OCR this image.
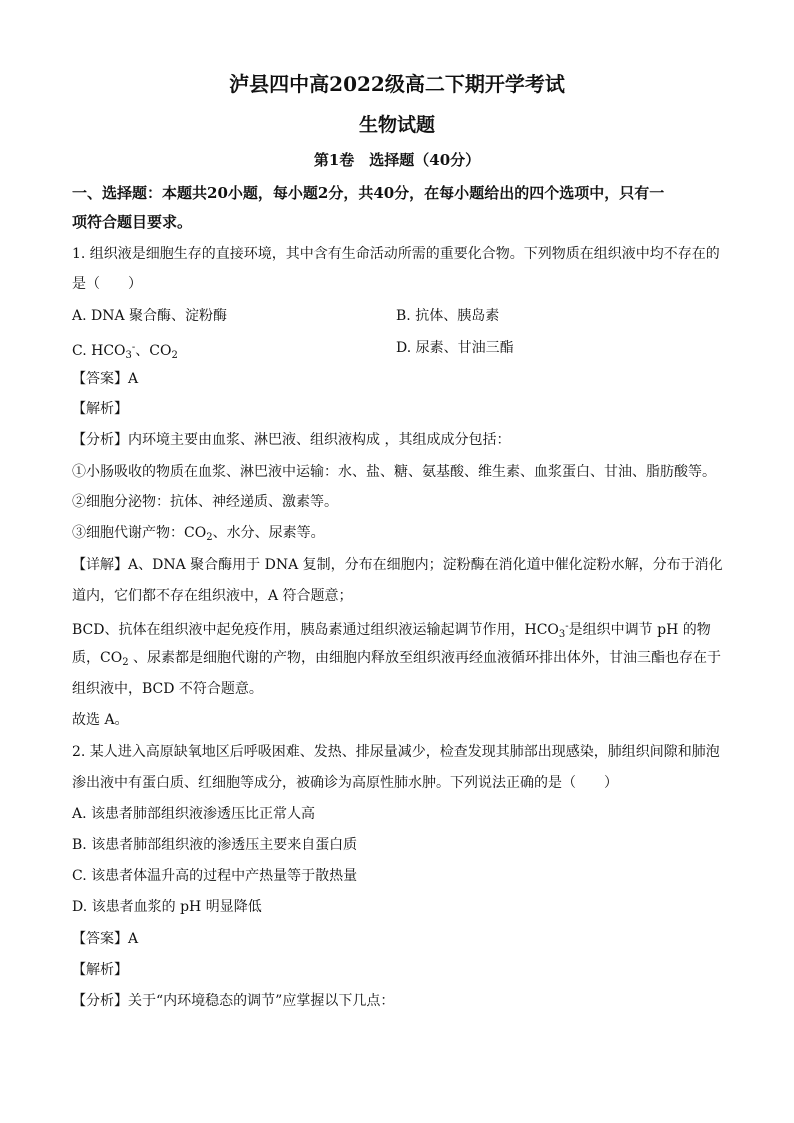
泸县四中高2022级高二下期开学考试
生物试题
第1卷　选择题（40分）
一、选择题：本题共20小题，每小题2分，共40分，在每小题给出的四个选项中，只有一
项符合题目要求。
1. 组织液是细胞生存的直接环境，其中含有生命活动所需的重要化合物。下列物质在组织液中均不存在的
是（　　）
A. DNA 聚合酶、淀粉酶	B. 抗体、胰岛素
C. $HCO_3^-$、$CO_2$	D. 尿素、甘油三酯
【答案】A
【解析】
【分析】内环境主要由血浆、淋巴液、组织液构成 ，其组成成分包括：
①小肠吸收的物质在血浆、淋巴液中运输：水、盐、糖、氨基酸、维生素、血浆蛋白、甘油、脂肪酸等。
②细胞分泌物：抗体、神经递质、激素等。
③细胞代谢产物：$CO_2$、水分、尿素等。
【详解】A、DNA 聚合酶用于 DNA 复制，分布在细胞内；淀粉酶在消化道中催化淀粉水解，分布于消化
道内，它们都不存在组织液中，A 符合题意；
BCD、抗体在组织液中起免疫作用，胰岛素通过组织液运输起调节作用，$HCO_3^-$是组织中调节 pH 的物
质，$CO_2$ 、尿素都是细胞代谢的产物，由细胞内释放至组织液再经血液循环排出体外，甘油三酯也存在于
组织液中，BCD 不符合题意。
故选 A。
2. 某人进入高原缺氧地区后呼吸困难、发热、排尿量减少，检查发现其肺部出现感染，肺组织间隙和肺泡
渗出液中有蛋白质、红细胞等成分，被确诊为高原性肺水肿。下列说法正确的是（　　）
A. 该患者肺部组织液渗透压比正常人高
B. 该患者肺部组织液的渗透压主要来自蛋白质
C. 该患者体温升高的过程中产热量等于散热量
D. 该患者血浆的 pH 明显降低
【答案】A
【解析】
【分析】关于“内环境稳态的调节”应掌握以下几点：
